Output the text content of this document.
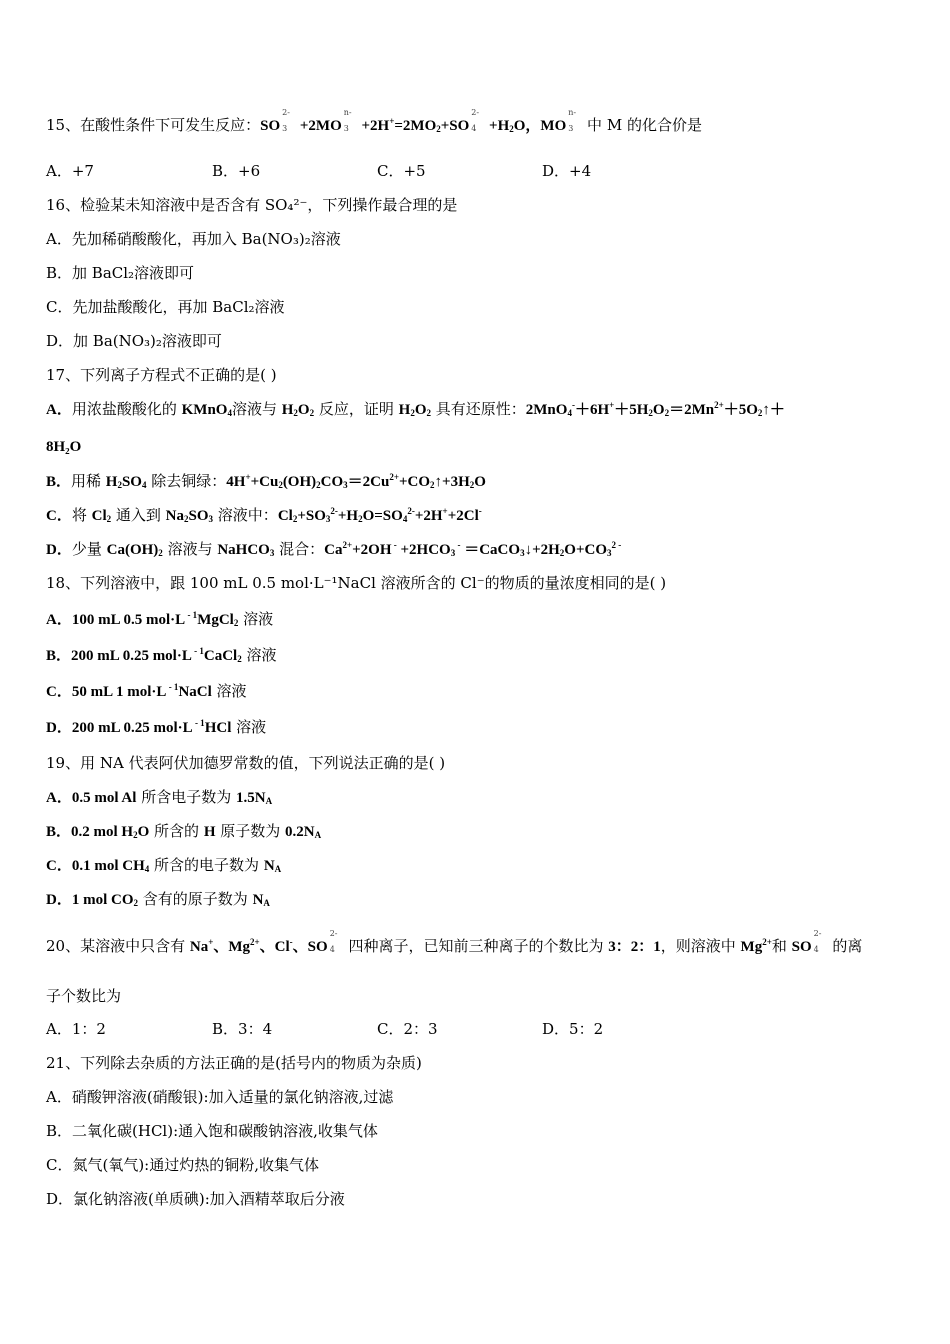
15、在酸性条件下可发生反应：SO
2-
3 +2MO
n-
$3 +2H^+=2MO_2+SO$
2-
$4 +H_2O$，MO
n-
3 中 M 的化合价是
A．+7	B．+6	C．+5	D．+4
16、检验某未知溶液中是否含有 SO₄²⁻，下列操作最合理的是
A．先加稀硝酸酸化，再加入 Ba(NO₃)₂溶液
B．加 BaCl₂溶液即可
C．先加盐酸酸化，再加 BaCl₂溶液
D．加 Ba(NO₃)₂溶液即可
17、下列离子方程式不正确的是( )
A．用浓盐酸酸化的 KMnO$_4$溶液与 $H_2O_2$ 反应，证明 $H_2O_2$ 具有还原性：$2MnO_4^-+6H^++5H_2O_2=2Mn^{2+}+5O_2↑+$
8H₂O
B．用稀 $H_2SO_4$ 除去铜绿：$4H^++Cu_2(OH)_2CO_3=2Cu^{2+}+CO_2↑+3H_2O$
C．将 $Cl_2$ 通入到 $Na_2SO_3$ 溶液中：$Cl_2+SO_3^{2-}+H_2O=SO_4^{2-}+2H^++2Cl^-$
D．少量 $Ca(OH)_2$ 溶液与 NaHCO$_3$ 混合：$Ca^{2+}+2OH$ $^- +2HCO_3$ $^- =CaCO_3↓+2H_2O+CO_3^{2 -}$
18、下列溶液中，跟 100 mL 0.5 mol·L⁻¹NaCl 溶液所含的 Cl⁻的物质的量浓度相同的是( )
A．100 mL 0.5 mol·L $^{- 1}$MgCl$_2$ 溶液
B．200 mL 0.25 mol·L $^{- 1}$CaCl$_2$ 溶液
C．50 mL 1 mol·L $^{- 1}$NaCl 溶液
D．200 mL 0.25 mol·L $^{- 1}$HCl 溶液
19、用 NA 代表阿伏加德罗常数的值，下列说法正确的是( )
A．0.5 mol Al 所含电子数为 $1.5N_A$
B．0.2 mol $H_2O$ 所含的 H 原子数为 $0.2N_A$
C．0.1 mol $CH_4$ 所含的电子数为 $N_A$
D．1 mol $CO_2$ 含有的原子数为 $N_A$
20、某溶液中只含有 Na+、$Mg^{2+}$、Cl-、SO
2-
4 四种离子，已知前三种离子的个数比为 3：2：1，则溶液中 $Mg^{2+}$和 SO
2-
4 的离
子个数比为
A．1：2	B．3：4	C．2：3	D．5：2
21、下列除去杂质的方法正确的是(括号内的物质为杂质)
A．硝酸钾溶液(硝酸银):加入适量的氯化钠溶液,过滤
B．二氧化碳(HCl):通入饱和碳酸钠溶液,收集气体
C．氮气(氧气):通过灼热的铜粉,收集气体
D．氯化钠溶液(单质碘):加入酒精萃取后分液
